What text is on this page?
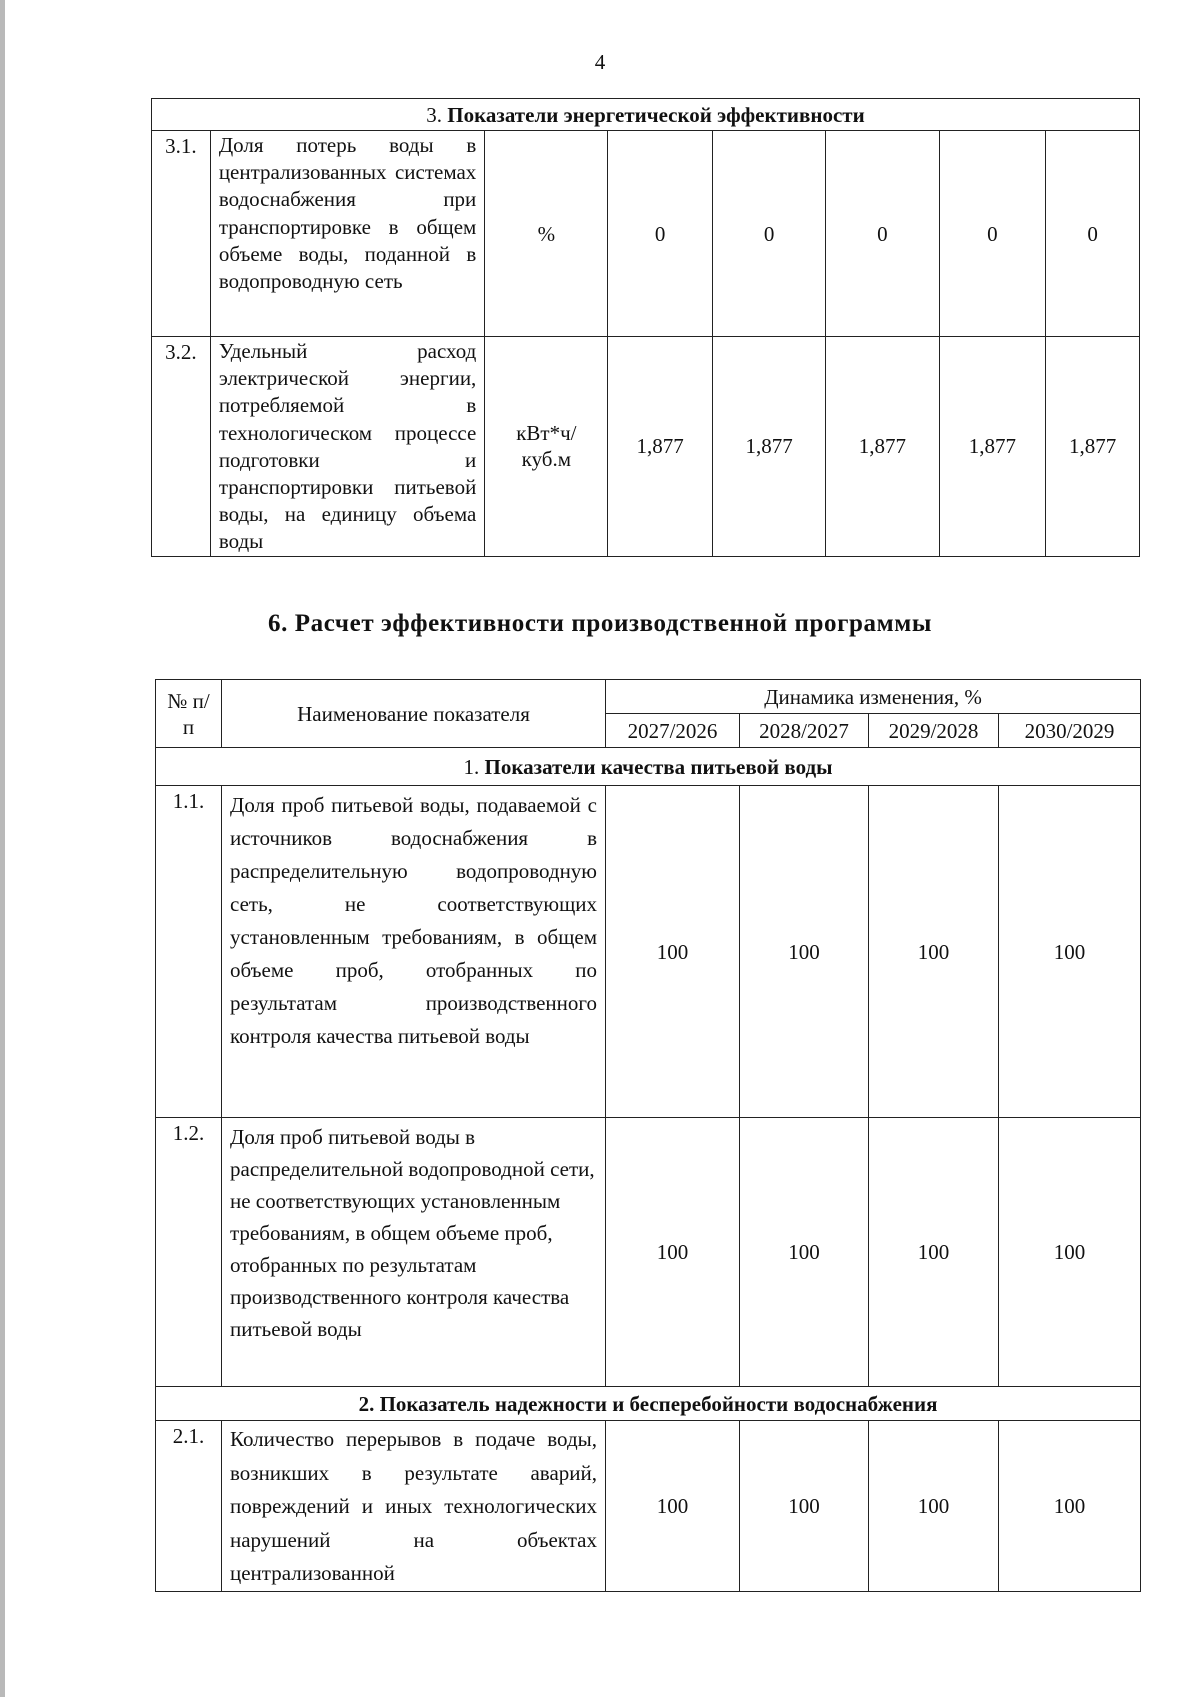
4
3. Показатели энергетической эффективности							
3.1.	Доля потерь воды в централизованных системах водоснабжения при транспортировке в общем объеме воды, поданной в водопроводную сеть	%	0	0	0	0	0
3.2.	Удельный расход электрической энергии, потребляемой в технологическом процессе подготовки и транспортировки питьевой воды, на единицу объема воды	кВт*ч/ куб.м	1,877	1,877	1,877	1,877	1,877
6. Расчет эффективности производственной программы
№ п/п	Наименование показателя	Динамика изменения, %			
		2027/2026	2028/2027	2029/2028	2030/2029
1. Показатели качества питьевой воды					
1.1.	Доля проб питьевой воды, подаваемой с источников водоснабжения в распределительную водопроводную сеть, не соответствующих установленным требованиям, в общем объеме проб, отобранных по результатам производственного контроля качества питьевой воды	100	100	100	100
1.2.	Доля проб питьевой воды в распределительной водопроводной сети, не соответствующих установленным требованиям, в общем объеме проб, отобранных по результатам производственного контроля качества питьевой воды	100	100	100	100
2. Показатель надежности и бесперебойности водоснабжения					
2.1.	Количество перерывов в подаче воды, возникших в результате аварий, повреждений и иных технологических нарушений на объектах централизованной	100	100	100	100
